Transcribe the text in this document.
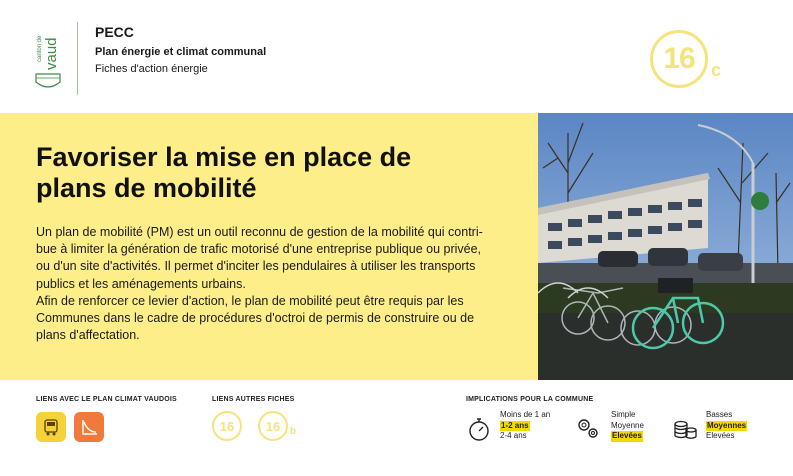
canton de vaud
PECC
Plan énergie et climat communal
Fiches d'action énergie	16 c
Favoriser la mise en place de
plans de mobilité

Un plan de mobilité (PM) est un outil reconnu de gestion de la mobilité qui contri-
bue à limiter la génération de trafic motorisé d'une entreprise publique ou privée,
ou d'un site d'activités. Il permet d'inciter les pendulaires à utiliser les transports
publics et les aménagements urbains.

Afin de renforcer ce levier d'action, le plan de mobilité peut être requis par les
Communes dans le cadre de procédures d'octroi de permis de construire ou de
plans d'affectation.

LIENS AVEC LE PLAN CLIMAT VAUDOIS	LIENS AUTRES FICHES
16 16 b
IMPLICATIONS POUR LA COMMUNE
Moins de 1 an
1-2 ans
2-4 ans
Simple
Moyenne
Elevées
Basses
Moyennes
Elevées
